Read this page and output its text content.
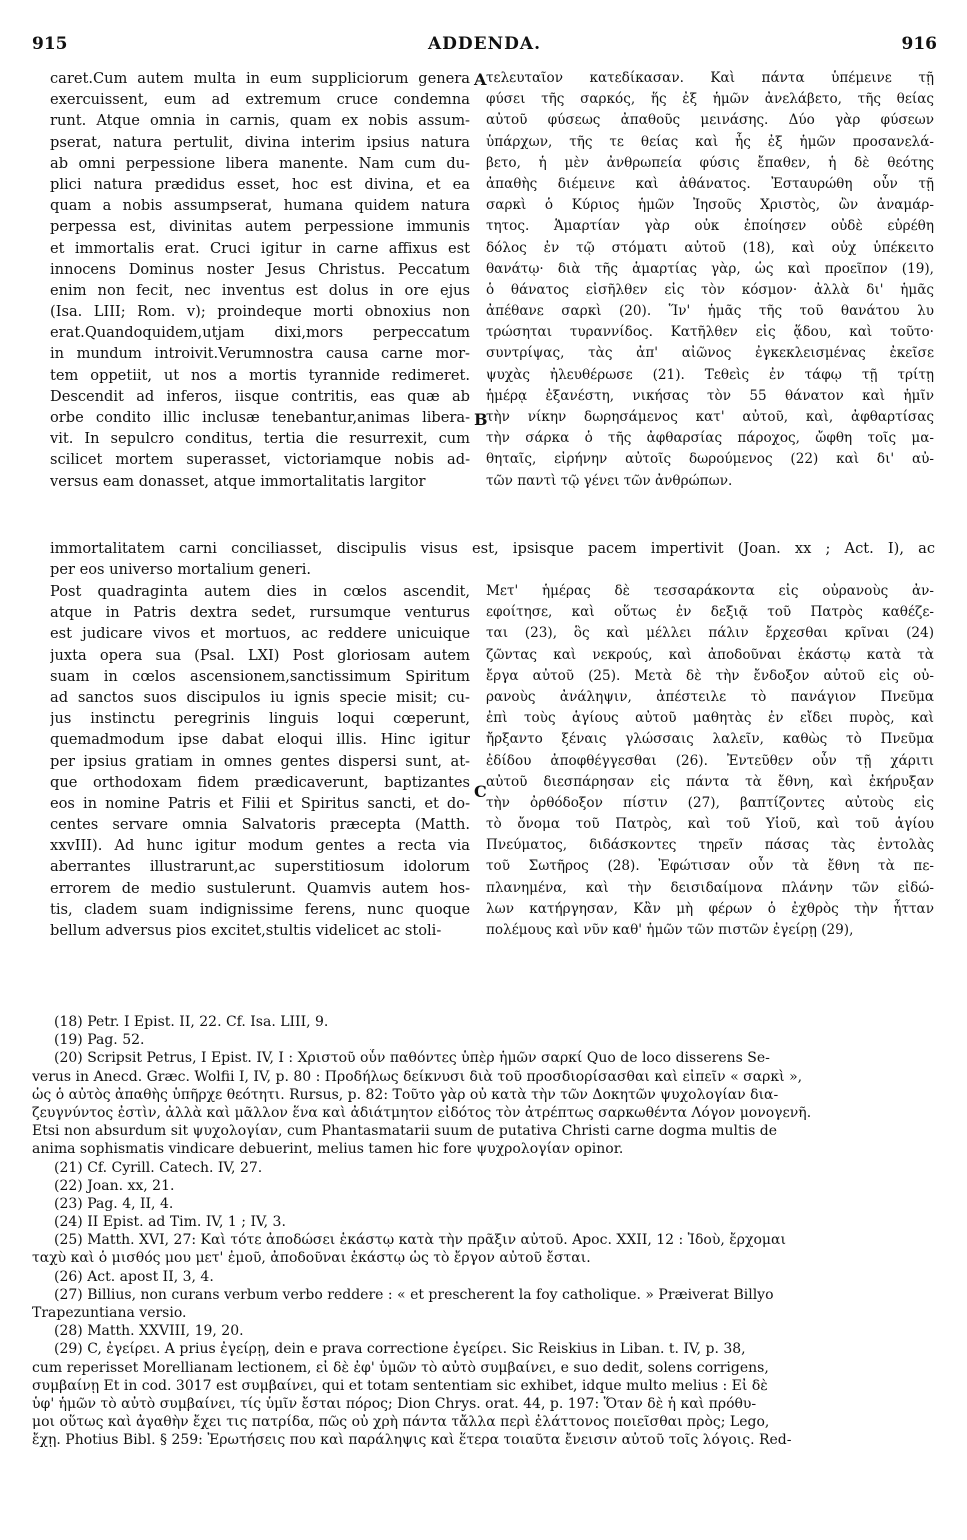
915	ADDENDA.	916
A
B
C
caret.Cum autem multa in eum suppliciorum genera
exercuissent, eum ad extremum cruce condemna
runt. Atque omnia in carnis, quam ex nobis assum-
pserat, natura pertulit, divina interim ipsius natura
ab omni perpessione libera manente. Nam cum du-
plici natura prædidus esset, hoc est divina, et ea
quam a nobis assumpserat, humana quidem natura
perpessa est, divinitas autem perpessione immunis
et immortalis erat. Cruci igitur in carne affixus est
innocens Dominus noster Jesus Christus. Peccatum
enim non fecit, nec inventus est dolus in ore ejus
(Isa. LIII; Rom. v); proindeque morti obnoxius non
erat.Quandoquidem,utjam dixi,mors perpeccatum
in mundum introivit.Verumnostra causa carne mor-
tem oppetiit, ut nos a mortis tyrannide redimeret.
Descendit ad inferos, iisque contritis, eas quæ ab
orbe condito illic inclusæ tenebantur,animas libera-
vit. In sepulcro conditus, tertia die resurrexit, cum
scilicet mortem superasset, victoriamque nobis ad-
versus eam donasset, atque immortalitatis largitor
τελευταῖον κατεδίκασαν. Καὶ πάντα ὑπέμεινε τῇ
φύσει τῆς σαρκός, ἥς ἐξ ἡμῶν ἀνελάβετο, τῆς θείας
αὐτοῦ φύσεως ἀπαθοῦς μεινάσης. Δύο γὰρ φύσεων
ὑπάρχων, τῆς τε θείας καὶ ἧς ἐξ ἡμῶν προσανελά-
βετο, ἡ μὲν ἀνθρωπεία φύσις ἔπαθεν, ἡ δὲ θεότης
ἀπαθὴς διέμεινε καὶ ἀθάνατος. Ἐσταυρώθη οὖν τῇ
σαρκὶ ὁ Κύριος ἡμῶν Ἰησοῦς Χριστὸς, ὢν ἀναμάρ-
τητος. Ἁμαρτίαν γὰρ οὐκ ἐποίησεν οὐδὲ εὑρέθη
δόλος ἐν τῷ στόματι αὐτοῦ (18), καὶ οὐχ ὑπέκειτο
θανάτῳ· διὰ τῆς ἁμαρτίας γὰρ, ὡς καὶ προεῖπον (19),
ὁ θάνατος εἰσῆλθεν εἰς τὸν κόσμον· ἀλλὰ δι' ἡμᾶς
ἀπέθανε σαρκὶ (20). Ἵν' ἡμᾶς τῆς τοῦ θανάτου λυ
τρώσηται τυραννίδος. Κατῆλθεν εἰς ᾅδου, καὶ τοῦτο·
συντρίψας, τὰς ἀπ' αἰῶνος ἐγκεκλεισμένας ἐκεῖσε
ψυχὰς ἠλευθέρωσε (21). Τεθεὶς ἐν τάφῳ τῇ τρίτῃ
ἡμέρᾳ ἐξανέστη, νικήσας τὸν 55 θάνατον καὶ ἡμῖν
τὴν νίκην δωρησάμενος κατ' αὐτοῦ, καὶ, ἀφθαρτίσας
τὴν σάρκα ὁ τῆς ἀφθαρσίας πάροχος, ὤφθη τοῖς μα-
θηταῖς, εἰρήνην αὐτοῖς δωρούμενος (22) καὶ δι' αὐ-
τῶν παντὶ τῷ γένει τῶν ἀνθρώπων.
immortalitatem carni conciliasset, discipulis visus est, ipsisque pacem impertivit (Joan. xx ; Act. I), ac
per eos universo mortalium generi.
Post quadraginta autem dies in cœlos ascendit,
atque in Patris dextra sedet, rursumque venturus
est judicare vivos et mortuos, ac reddere unicuique
juxta opera sua (Psal. LXI) Post gloriosam autem
suam in cœlos ascensionem,sanctissimum Spiritum
ad sanctos suos discipulos iu ignis specie misit; cu-
jus instinctu peregrinis linguis loqui cœperunt,
quemadmodum ipse dabat eloqui illis. Hinc igitur
per ipsius gratiam in omnes gentes dispersi sunt, at-
que orthodoxam fidem prædicaverunt, baptizantes
eos in nomine Patris et Filii et Spiritus sancti, et do-
centes servare omnia Salvatoris præcepta (Matth.
xxvIII). Ad hunc igitur modum gentes a recta via
aberrantes illustrarunt,ac superstitiosum idolorum
errorem de medio sustulerunt. Quamvis autem hos-
tis, cladem suam indignissime ferens, nunc quoque
bellum adversus pios excitet,stultis videlicet ac stoli-
Μετ' ἡμέρας δὲ τεσσαράκοντα εἰς οὐρανοὺς ἀν-
εφοίτησε, καὶ οὕτως ἐν δεξιᾷ τοῦ Πατρὸς καθέζε-
ται (23), ὃς καὶ μέλλει πάλιν ἔρχεσθαι κρῖναι (24)
ζῶντας καὶ νεκρούς, καὶ ἀποδοῦναι ἑκάστῳ κατὰ τὰ
ἔργα αὐτοῦ (25). Μετὰ δὲ τὴν ἔνδοξον αὐτοῦ εἰς οὐ-
ρανοὺς ἀνάληψιν, ἀπέστειλε τὸ πανάγιον Πνεῦμα
ἐπὶ τοὺς ἁγίους αὐτοῦ μαθητὰς ἐν εἴδει πυρὸς, καὶ
ἤρξαντο ξέναις γλώσσαις λαλεῖν, καθὼς τὸ Πνεῦμα
ἐδίδου ἀποφθέγγεσθαι (26). Ἐντεῦθεν οὖν τῇ χάριτι
αὐτοῦ διεσπάρησαν εἰς πάντα τὰ ἔθνη, καὶ ἐκήρυξαν
τὴν ὀρθόδοξον πίστιν (27), βαπτίζοντες αὐτοὺς εἰς
τὸ ὄνομα τοῦ Πατρὸς, καὶ τοῦ Υἱοῦ, καὶ τοῦ ἁγίου
Πνεύματος, διδάσκοντες τηρεῖν πάσας τὰς ἐντολὰς
τοῦ Σωτῆρος (28). Ἐφώτισαν οὖν τὰ ἔθνη τὰ πε-
πλανημένα, καὶ τὴν δεισιδαίμονα πλάνην τῶν εἰδώ-
λων κατήργησαν, Κἂν μὴ φέρων ὁ ἐχθρὸς τὴν ἧτταν
πολέμους καὶ νῦν καθ' ἡμῶν τῶν πιστῶν ἐγείρῃ (29),
(18) Petr. I Epist. II, 22. Cf. Isa. LIII, 9.
(19) Pag. 52.
(20) Scripsit Petrus, I Epist. IV, I : Χριστοῦ οὖν παθόντες ὑπὲρ ἡμῶν σαρκί Quo de loco disserens Se-
verus in Anecd. Græc. Wolfii I, IV, p. 80 : Προδήλως δείκνυσι διὰ τοῦ προσδιορίσασθαι καὶ εἰπεῖν « σαρκὶ »,
ὡς ὁ αὐτὸς ἀπαθὴς ὑπῆρχε θεότητι. Rursus, p. 82: Τοῦτο γὰρ οὐ κατὰ τὴν τῶν Δοκητῶν ψυχολογίαν δια-
ζευγνύντος ἐστὶν, ἀλλὰ καὶ μᾶλλον ἕνα καὶ ἀδιάτμητον εἰδότος τὸν ἀτρέπτως σαρκωθέντα Λόγον μονογενῆ.
Etsi non absurdum sit ψυχολογίαν, cum Phantasmatarii suum de putativa Christi carne dogma multis de
anima sophismatis vindicare debuerint, melius tamen hic fore ψυχρολογίαν opinor.
(21) Cf. Cyrill. Catech. IV, 27.
(22) Joan. xx, 21.
(23) Pag. 4, II, 4.
(24) II Epist. ad Tim. IV, 1 ; IV, 3.
(25) Matth. XVI, 27: Καὶ τότε ἀποδώσει ἑκάστῳ κατὰ τὴν πρᾶξιν αὐτοῦ. Apoc. XXII, 12 : Ἰδοὺ, ἔρχομαι
ταχὺ καὶ ὁ μισθός μου μετ' ἐμοῦ, ἀποδοῦναι ἑκάστῳ ὡς τὸ ἔργον αὐτοῦ ἔσται.
(26) Act. apost II, 3, 4.
(27) Billius, non curans verbum verbo reddere : « et prescherent la foy catholique. » Præiverat Billyo
Trapezuntiana versio.
(28) Matth. XXVIII, 19, 20.
(29) C, ἐγείρει. A prius ἐγείρῃ, dein e prava correctione ἐγείρει. Sic Reiskius in Liban. t. IV, p. 38,
cum reperisset Morellianam lectionem, εἰ δὲ ἐφ' ὑμῶν τὸ αὐτὸ συμβαίνει, e suo dedit, solens corrigens,
συμβαίνῃ Et in cod. 3017 est συμβαίνει, qui et totam sententiam sic exhibet, idque multo melius : Εἰ δὲ
ὑφ' ἡμῶν τὸ αὐτὸ συμβαίνει, τίς ὑμῖν ἔσται πόρος; Dion Chrys. orat. 44, p. 197: Ὅταν δὲ ἡ καὶ πρόθυ-
μοι οὕτως καὶ ἀγαθὴν ἔχει τις πατρίδα, πῶς οὐ χρὴ πάντα τἄλλα περὶ ἐλάττονος ποιεῖσθαι πρὸς; Lego,
ἔχῃ. Photius Bibl. § 259: Ἐρωτήσεις που καὶ παράληψις καὶ ἕτερα τοιαῦτα ἔνεισιν αὐτοῦ τοῖς λόγοις. Red-
